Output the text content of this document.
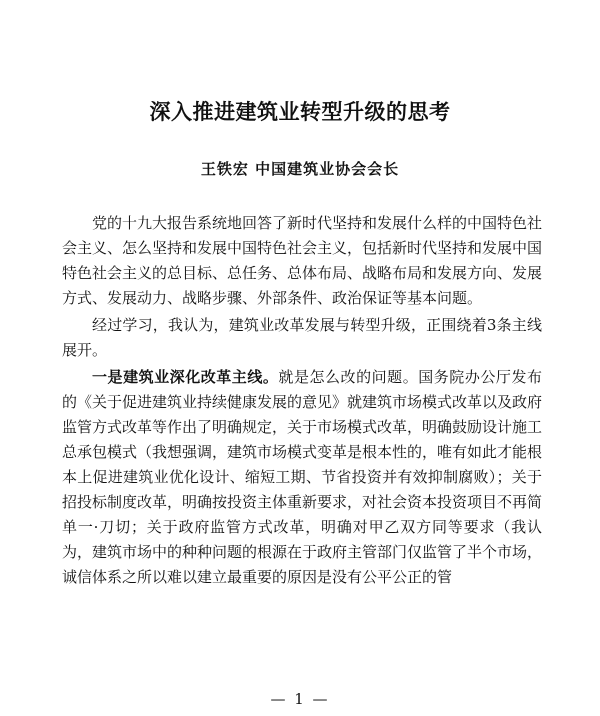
深入推进建筑业转型升级的思考
王铁宏 中国建筑业协会会长

党的十九大报告系统地回答了新时代坚持和发展什么样的中国特色社会主义、怎么坚持和发展中国特色社会主义，包括新时代坚持和发展中国特色社会主义的总目标、总任务、总体布局、战略布局和发展方向、发展方式、发展动力、战略步骤、外部条件、政治保证等基本问题。

经过学习，我认为，建筑业改革发展与转型升级，正围绕着3条主线展开。

一是建筑业深化改革主线。就是怎么改的问题。国务院办公厅发布的《关于促进建筑业持续健康发展的意见》就建筑市场模式改革以及政府监管方式改革等作出了明确规定，关于市场模式改革，明确鼓励设计施工总承包模式（我想强调，建筑市场模式变革是根本性的，唯有如此才能根本上促进建筑业优化设计、缩短工期、节省投资并有效抑制腐败）；关于招投标制度改革，明确按投资主体重新要求，对社会资本投资项目不再简单一·刀切；关于政府监管方式改革，明确对甲乙双方同等要求（我认为，建筑市场中的种种问题的根源在于政府主管部门仅监管了半个市场，诚信体系之所以难以建立最重要的原因是没有公平公正的管

— 1 —
